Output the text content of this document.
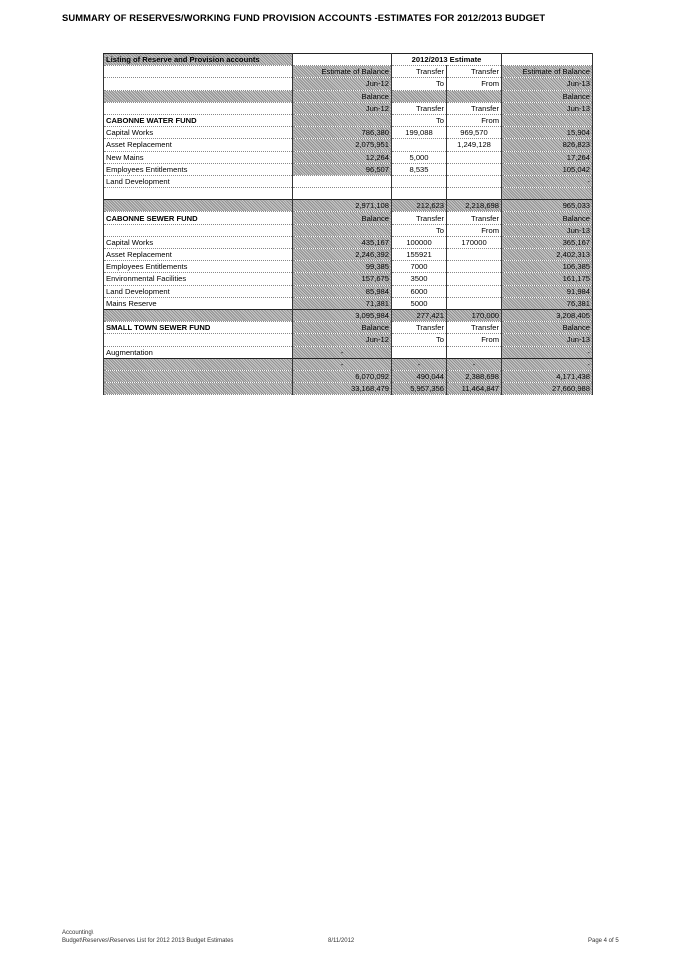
SUMMARY OF RESERVES/WORKING FUND PROVISION ACCOUNTS -ESTIMATES FOR 2012/2013 BUDGET
Listing of Reserve and Provision accounts		2012/2013 Estimate		
	Estimate of Balance	Transfer	Transfer	Estimate of Balance
	Jun-12	To	From	Jun-13
	Balance			Balance
	Jun-12	Transfer	Transfer	Jun-13
CABONNE WATER FUND		To	From	
Capital Works	786,380	199,088	969,570	15,904
Asset Replacement	2,075,951		1,249,128	826,823
New Mains	12,264	5,000		17,264
Employees Entitlements	96,507	8,535		105,042
Land Development				-

	2,971,108	212,623	2,218,698	965,033
CABONNE SEWER FUND	Balance	Transfer	Transfer	Balance
		To	From	Jun-13
Capital Works	435,167	100000	170000	365,167
Asset Replacement	2,246,392	155921		2,402,313
Employees Entitlements	99,385	7000		106,385
Environmental Facilities	157,675	3500		161,175
Land Development	85,984	6000		91,984
Mains Reserve	71,381	5000		76,381
	3,095,984	277,421	170,000	3,208,405
SMALL TOWN SEWER FUND	Balance	Transfer	Transfer	Balance
	Jun-12	To	From	Jun-13
Augmentation	-			-
	-	-	-	-
	6,070,092	490,044	2,388,698	4,171,438
	33,168,479	5,957,356	11,464,847	27,660,988
Accounting\
Budget\Reserves\Reserves List for 2012 2013 Budget Estimates	8/11/2012	Page 4 of 5
